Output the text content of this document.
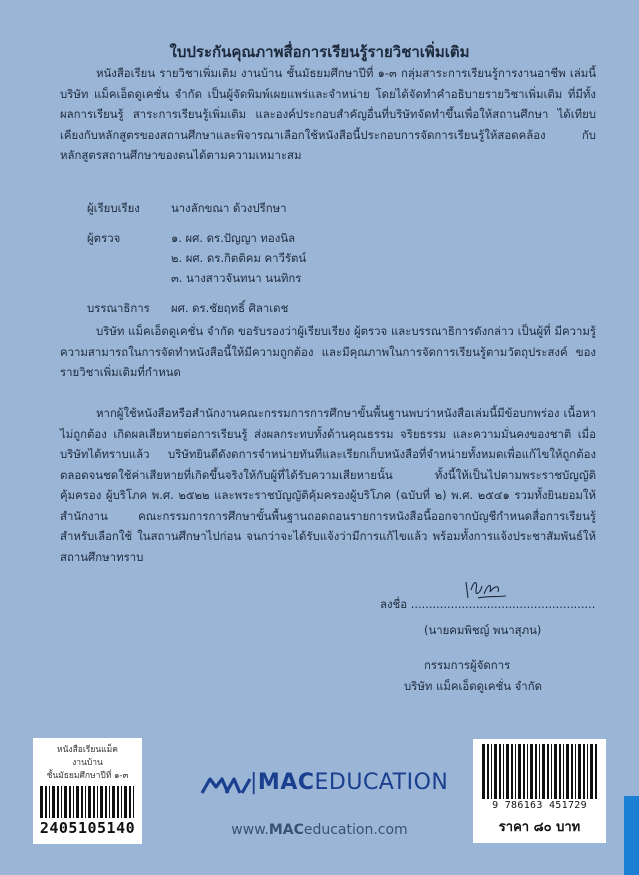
ใบประกันคุณภาพสื่อการเรียนรู้รายวิชาเพิ่มเติม
หนังสือเรียน รายวิชาเพิ่มเติม งานบ้าน ชั้นมัธยมศึกษาปีที่ ๑-๓ กลุ่มสาระการเรียนรู้การงานอาชีพ เล่มนี้ บริษัท แม็คเอ็ดดูเคชั่น จำกัด เป็นผู้จัดพิมพ์เผยแพร่และจำหน่าย โดยได้จัดทำคำอธิบายรายวิชาเพิ่มเติม ที่มีทั้งผลการเรียนรู้ สาระการเรียนรู้เพิ่มเติม และองค์ประกอบสำคัญอื่นที่บริษัทจัดทำขึ้นเพื่อให้สถานศึกษา ได้เทียบเคียงกับหลักสูตรของสถานศึกษาและพิจารณาเลือกใช้หนังสือนี้ประกอบการจัดการเรียนรู้ให้สอดคล้อง	กับหลักสูตรสถานศึกษาของตนได้ตามความเหมาะสม
ผู้เรียบเรียง	นางลักขณา ด้วงปรีกษา
ผู้ตรวจ	๑. ผศ. ดร.ปัญญา ทองนิล
๒. ผศ. ดร.กิตติคม คาวีรัตน์
๓. นางสาวจันทนา นนทิกร
บรรณาธิการ ผศ. ดร.ชัยฤทธิ์ ศิลาเดช
บริษัท แม็คเอ็ดดูเคชั่น จำกัด ขอรับรองว่าผู้เรียบเรียง ผู้ตรวจ และบรรณาธิการดังกล่าว เป็นผู้ที่ มีความรู้ความสามารถในการจัดทำหนังสือนี้ให้มีความถูกต้อง และมีคุณภาพในการจัดการเรียนรู้ตามวัตถุประสงค์ ของรายวิชาเพิ่มเติมที่กำหนด
หากผู้ใช้หนังสือหรือสำนักงานคณะกรรมการการศึกษาขั้นพื้นฐานพบว่าหนังสือเล่มนี้มีข้อบกพร่อง เนื้อหา ไม่ถูกต้อง เกิดผลเสียหายต่อการเรียนรู้ ส่งผลกระทบทั้งด้านคุณธรรม จริยธรรม และความมั่นคงของชาติ เมื่อบริษัทได้ทราบแล้ว บริษัทยินดีดังดการจำหน่ายทันทีและเรียกเก็บหนังสือที่จำหน่ายทั้งหมดเพื่อแก้ไขให้ถูกต้อง ตลอดจนชดใช้ค่าเสียหายที่เกิดขึ้นจริงให้กับผู้ที่ได้รับความเสียหายนั้น ทั้งนี้ให้เป็นไปตามพระราชบัญญัติคุ้มครอง ผู้บริโภค พ.ศ. ๒๕๒๒ และพระราชบัญญัติคุ้มครองผู้บริโภค (ฉบับที่ ๒) พ.ศ. ๒๕๔๑ รวมทั้งยินยอมให้สำนักงาน	คณะกรรมการการศึกษาขั้นพื้นฐานถอดถอนรายการหนังสือนี้ออกจากบัญชีกำหนดสื่อการเรียนรู้สำหรับเลือกใช้ ในสถานศึกษาไปก่อน จนกว่าจะได้รับแจ้งว่ามีการแก้ไขแล้ว พร้อมทั้งการแจ้งประชาสัมพันธ์ให้สถานศึกษาทราบ
ลงชื่อ ...................................................
(นายคมพิชญ์ พนาสุภน)
กรรมการผู้จัดการ
บริษัท แม็คเอ็ดดูเคชั่น จำกัด
หนังสือเรียนแม็ค
งานบ้าน
ชั้นมัธยมศึกษาปีที่ ๑-๓
2405105140
|MACEDUCATION
www.MACeducation.com
9 786163 451729
ราคา ๘๐ บาท
